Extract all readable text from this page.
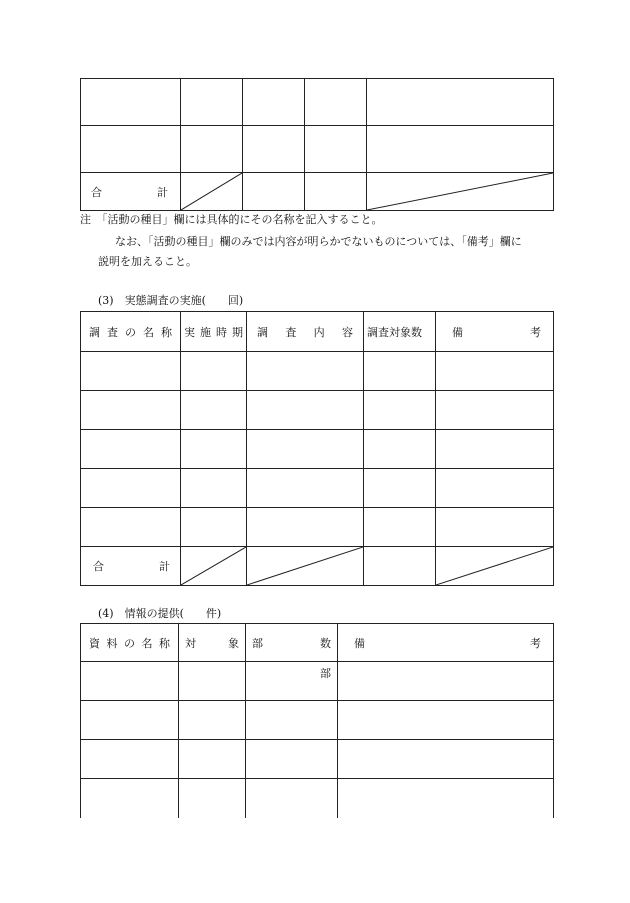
合 計

注　「活動の種目」欄には具体的にその名称を記入すること。
なお、「活動の種目」欄のみでは内容が明らかでないものについては、「備考」欄に
説明を加えること。
(3)　実態調査の実施(　　回)
調 査 の 名 称	実 施 時 期	調 査 内 容	調査対象数	備 考

合 計

(4)　情報の提供(　　件)
資 料 の 名 称	対 象	部 数	備 考

		部	
